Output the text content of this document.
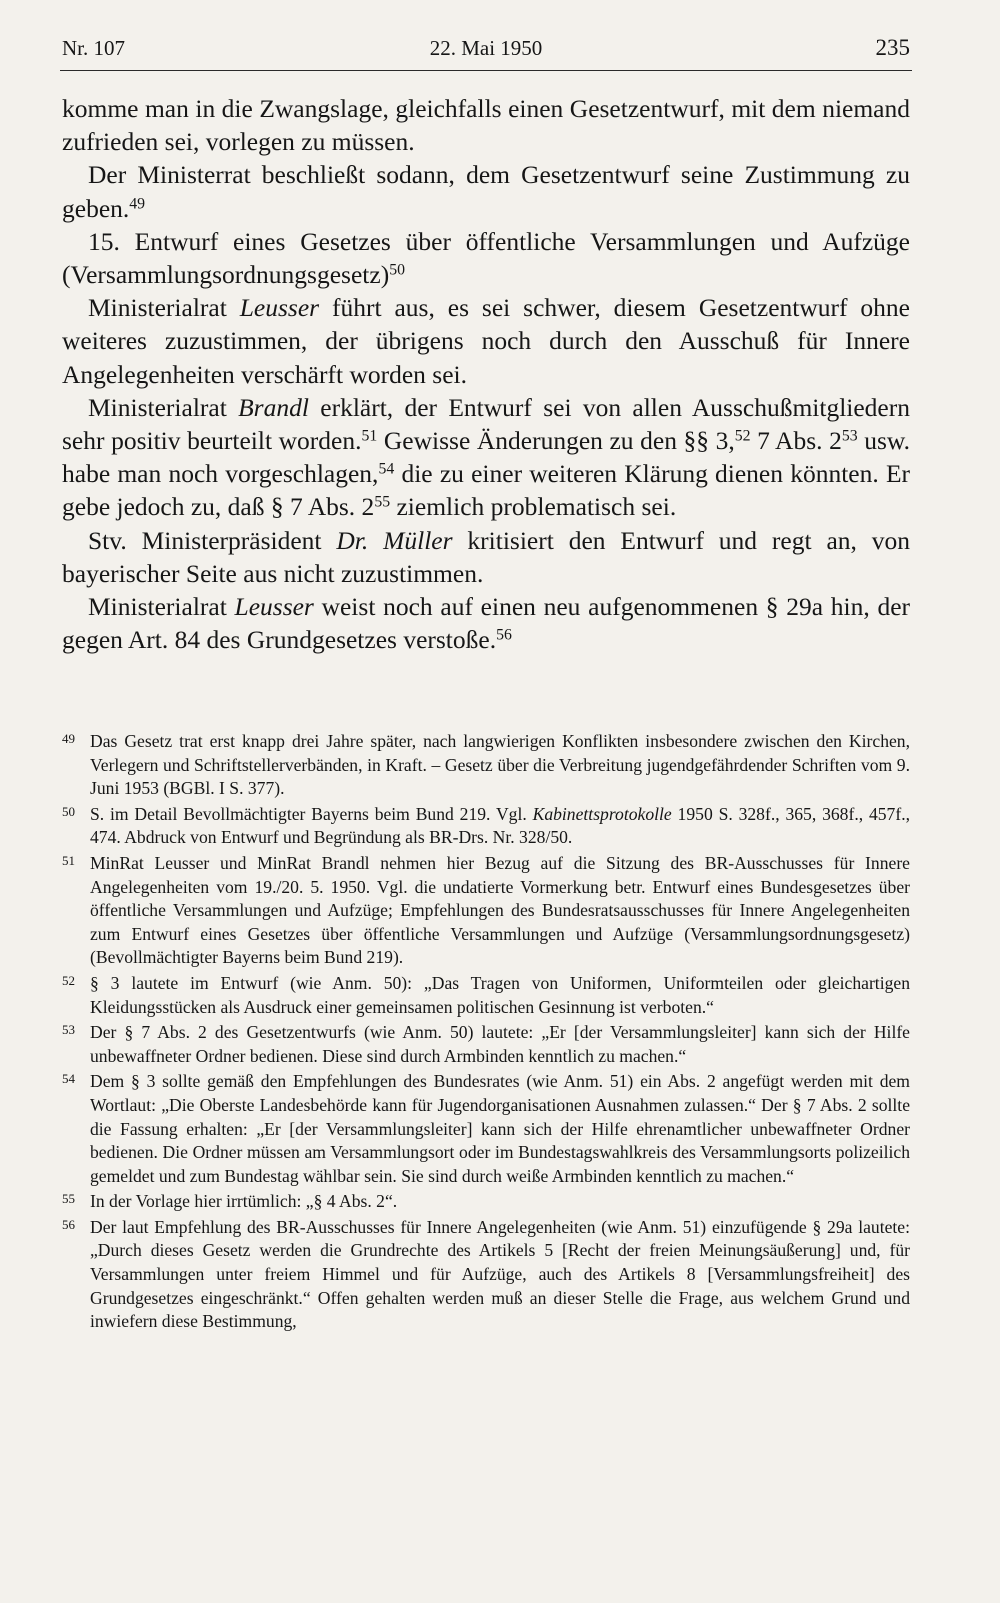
Nr. 107	22. Mai 1950	235

komme man in die Zwangslage, gleichfalls einen Gesetzentwurf, mit dem niemand zufrieden sei, vorlegen zu müssen.

Der Ministerrat beschließt sodann, dem Gesetzentwurf seine Zustimmung zu geben.$^{49}$

15. Entwurf eines Gesetzes über öffentliche Versammlungen und Aufzüge (Versammlungsordnungsgesetz)$^{50}$

Ministerialrat Leusser führt aus, es sei schwer, diesem Gesetzentwurf ohne weiteres zuzustimmen, der übrigens noch durch den Ausschuß für Innere Angelegenheiten verschärft worden sei.

Ministerialrat Brandl erklärt, der Entwurf sei von allen Ausschußmitgliedern sehr positiv beurteilt worden.$^{51}$ Gewisse Änderungen zu den §§ 3,52 7 Abs. $2^{53}$ usw. habe man noch vorgeschlagen,$^{54}$ die zu einer weiteren Klärung dienen könnten. Er gebe jedoch zu, daß § 7 Abs. $2^{55}$ ziemlich problematisch sei.

Stv. Ministerpräsident Dr. Müller kritisiert den Entwurf und regt an, von bayerischer Seite aus nicht zuzustimmen.

Ministerialrat Leusser weist noch auf einen neu aufgenommenen § 29a hin, der gegen Art. 84 des Grundgesetzes verstoße.$^{56}$

49 Das Gesetz trat erst knapp drei Jahre später, nach langwierigen Konflikten insbesondere zwischen den Kirchen, Verlegern und Schriftstellerverbänden, in Kraft. – Gesetz über die Verbreitung jugendgefährdender Schriften vom 9. Juni 1953 (BGBl. I S. 377).
50 S. im Detail Bevollmächtigter Bayerns beim Bund 219. Vgl. Kabinettsprotokolle 1950 S. 328f., 365, 368f., 457f., 474. Abdruck von Entwurf und Begründung als BR-Drs. Nr. 328/50.
51 MinRat Leusser und MinRat Brandl nehmen hier Bezug auf die Sitzung des BR-Ausschusses für Innere Angelegenheiten vom 19./20. 5. 1950. Vgl. die undatierte Vormerkung betr. Entwurf eines Bundesgesetzes über öffentliche Versammlungen und Aufzüge; Empfehlungen des Bundesratsausschusses für Innere Angelegenheiten zum Entwurf eines Gesetzes über öffentliche Versammlungen und Aufzüge (Versammlungsordnungsgesetz) (Bevollmächtigter Bayerns beim Bund 219).
52 § 3 lautete im Entwurf (wie Anm. 50): „Das Tragen von Uniformen, Uniformteilen oder gleichartigen Kleidungsstücken als Ausdruck einer gemeinsamen politischen Gesinnung ist verboten.“
53 Der § 7 Abs. 2 des Gesetzentwurfs (wie Anm. 50) lautete: „Er [der Versammlungsleiter] kann sich der Hilfe unbewaffneter Ordner bedienen. Diese sind durch Armbinden kenntlich zu machen.“
54 Dem § 3 sollte gemäß den Empfehlungen des Bundesrates (wie Anm. 51) ein Abs. 2 angefügt werden mit dem Wortlaut: „Die Oberste Landesbehörde kann für Jugendorganisationen Ausnahmen zulassen.“ Der § 7 Abs. 2 sollte die Fassung erhalten: „Er [der Versammlungsleiter] kann sich der Hilfe ehrenamtlicher unbewaffneter Ordner bedienen. Die Ordner müssen am Versammlungsort oder im Bundestagswahlkreis des Versammlungsorts polizeilich gemeldet und zum Bundestag wählbar sein. Sie sind durch weiße Armbinden kenntlich zu machen.“
55 In der Vorlage hier irrtümlich: „§ 4 Abs. 2“.
56 Der laut Empfehlung des BR-Ausschusses für Innere Angelegenheiten (wie Anm. 51) einzufügende § 29a lautete: „Durch dieses Gesetz werden die Grundrechte des Artikels 5 [Recht der freien Meinungsäußerung] und, für Versammlungen unter freiem Himmel und für Aufzüge, auch des Artikels 8 [Versammlungsfreiheit] des Grundgesetzes eingeschränkt.“ Offen gehalten werden muß an dieser Stelle die Frage, aus welchem Grund und inwiefern diese Bestimmung,
